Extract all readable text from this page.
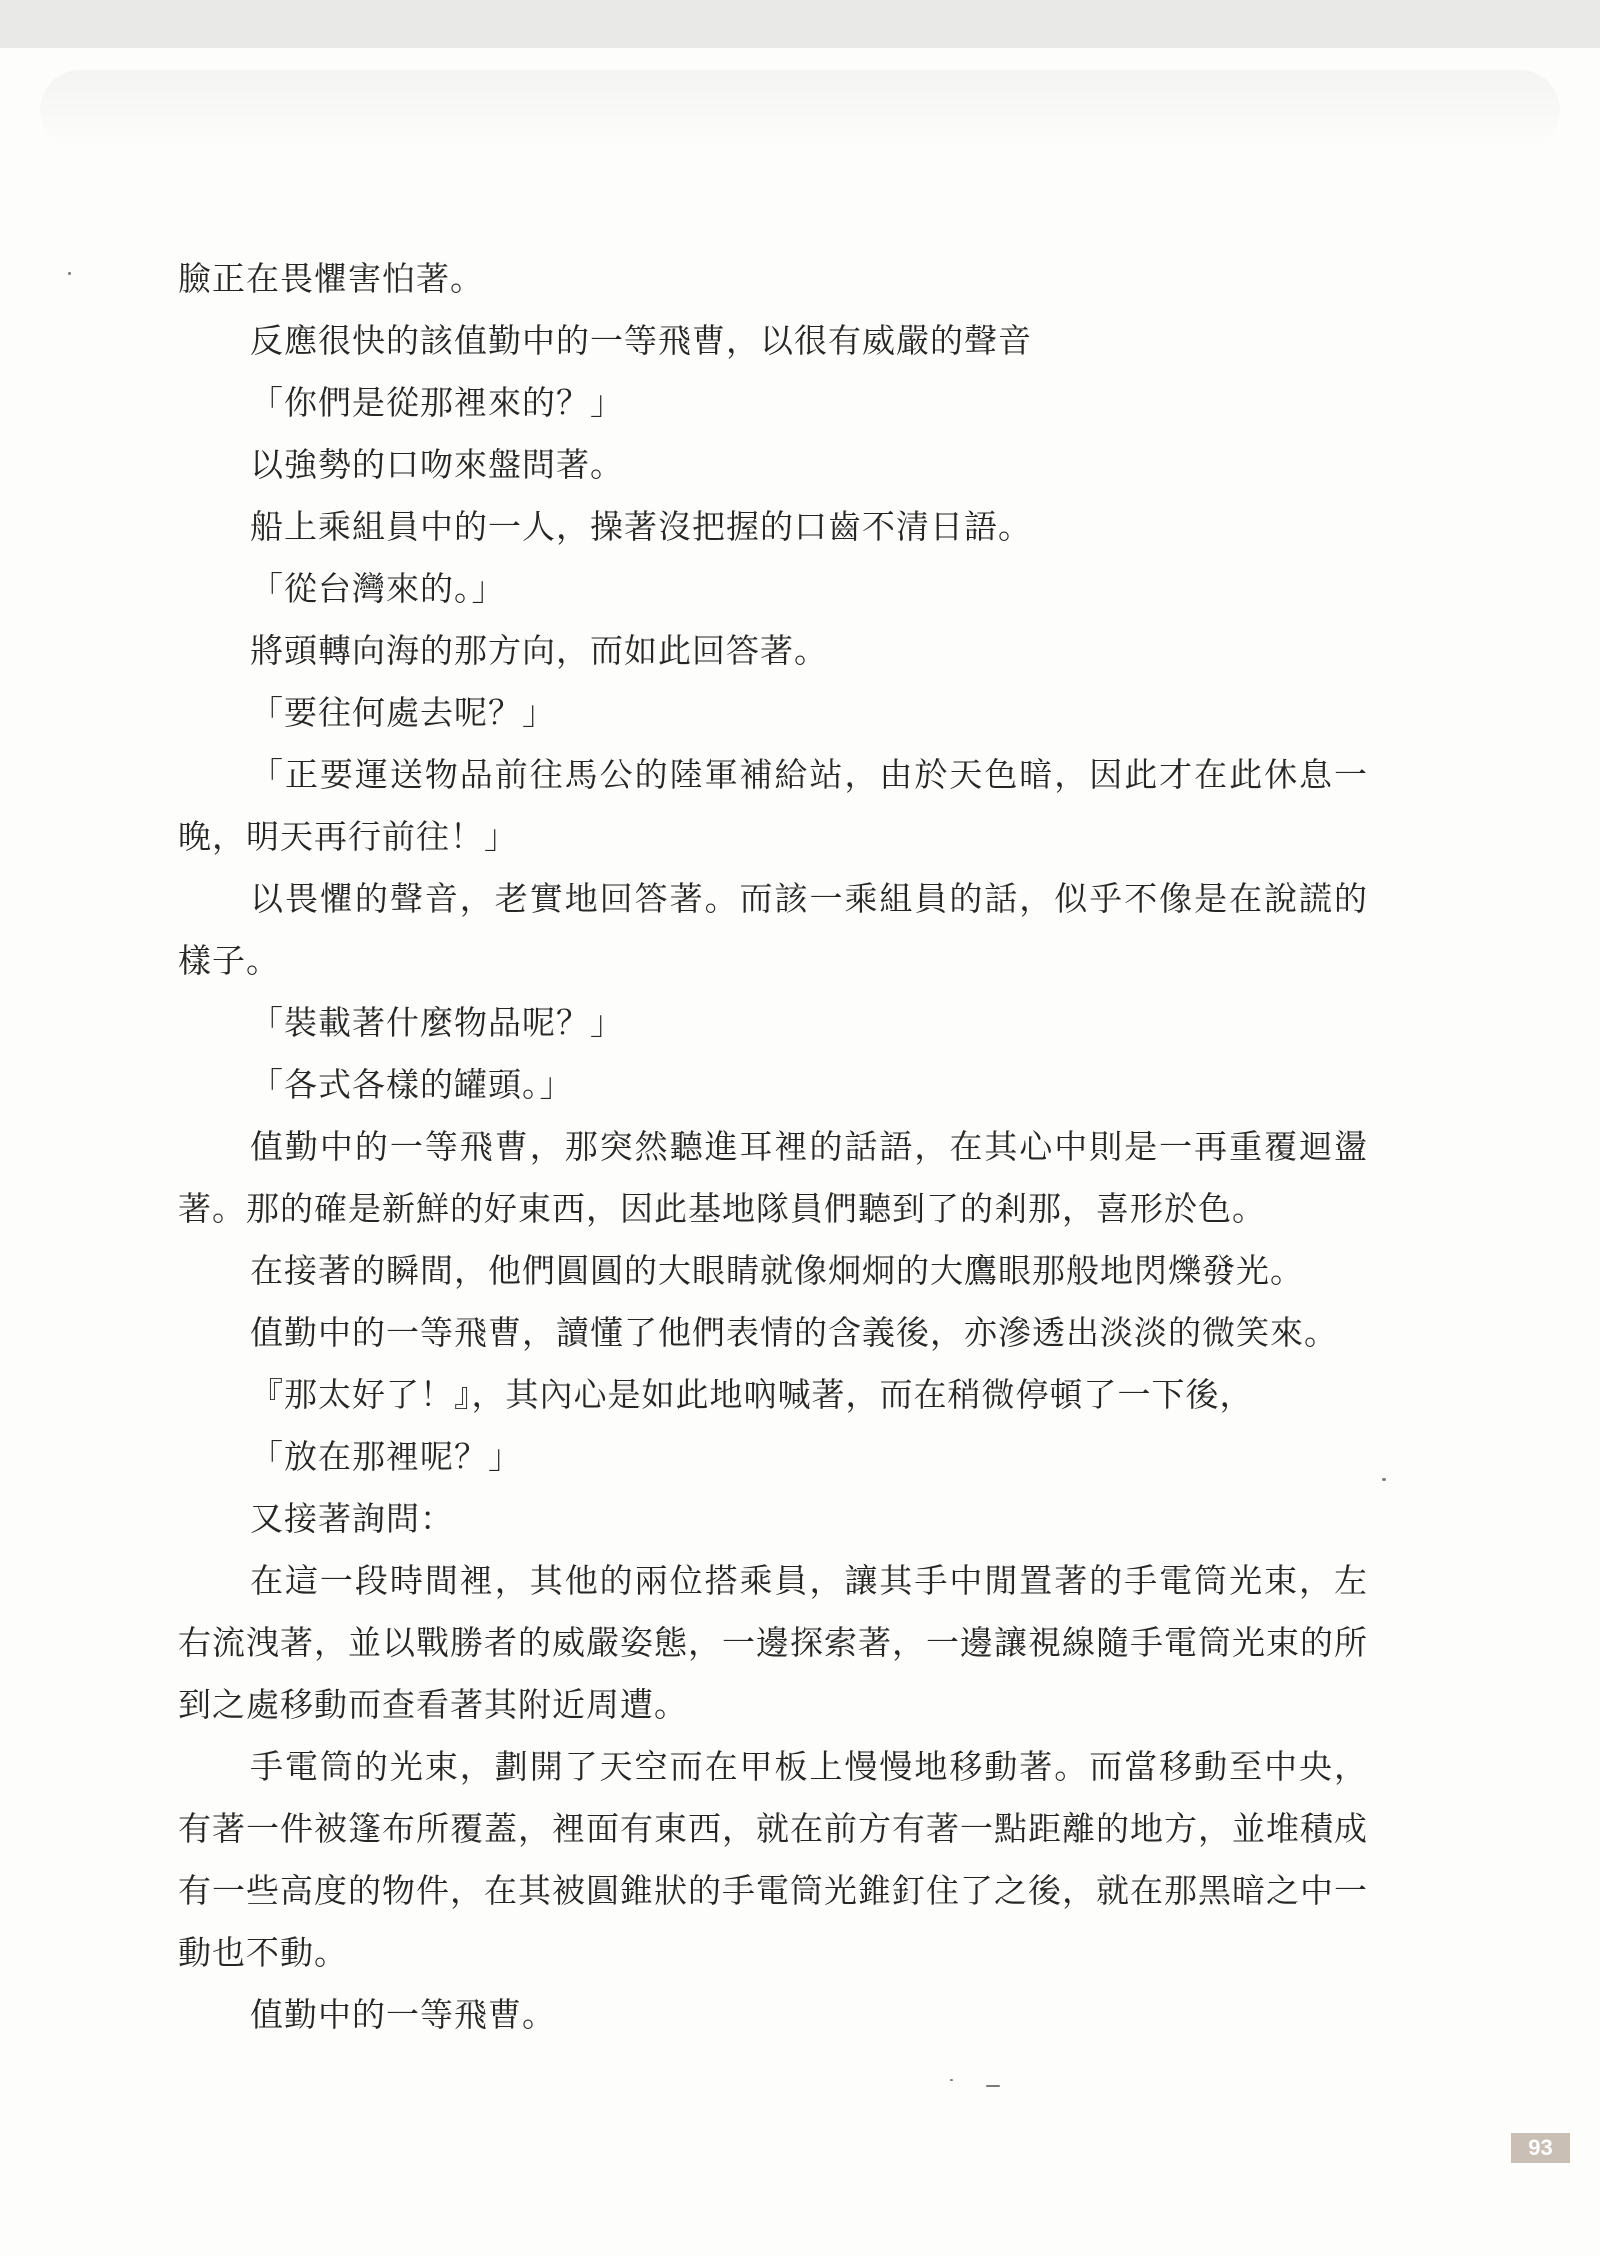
臉正在畏懼害怕著。

反應很快的該值勤中的一等飛曹，以很有威嚴的聲音

「你們是從那裡來的？」

以強勢的口吻來盤問著。

船上乘組員中的一人，操著沒把握的口齒不清日語。

「從台灣來的。」

將頭轉向海的那方向，而如此回答著。

「要往何處去呢？」

「正要運送物品前往馬公的陸軍補給站，由於天色暗，因此才在此休息一晚，明天再行前往！」

以畏懼的聲音，老實地回答著。而該一乘組員的話，似乎不像是在說謊的樣子。

「裝載著什麼物品呢？」

「各式各樣的罐頭。」

值勤中的一等飛曹，那突然聽進耳裡的話語，在其心中則是一再重覆迴盪著。那的確是新鮮的好東西，因此基地隊員們聽到了的剎那，喜形於色。

在接著的瞬間，他們圓圓的大眼睛就像炯炯的大鷹眼那般地閃爍發光。

值勤中的一等飛曹，讀懂了他們表情的含義後，亦滲透出淡淡的微笑來。

『那太好了！』，其內心是如此地吶喊著，而在稍微停頓了一下後，

「放在那裡呢？」

又接著詢問：

在這一段時間裡，其他的兩位搭乘員，讓其手中閒置著的手電筒光束，左右流洩著，並以戰勝者的威嚴姿態，一邊探索著，一邊讓視線隨手電筒光束的所到之處移動而查看著其附近周遭。

手電筒的光束，劃開了天空而在甲板上慢慢地移動著。而當移動至中央，有著一件被篷布所覆蓋，裡面有東西，就在前方有著一點距離的地方，並堆積成有一些高度的物件，在其被圓錐狀的手電筒光錐釘住了之後，就在那黑暗之中一動也不動。

值勤中的一等飛曹。

93
